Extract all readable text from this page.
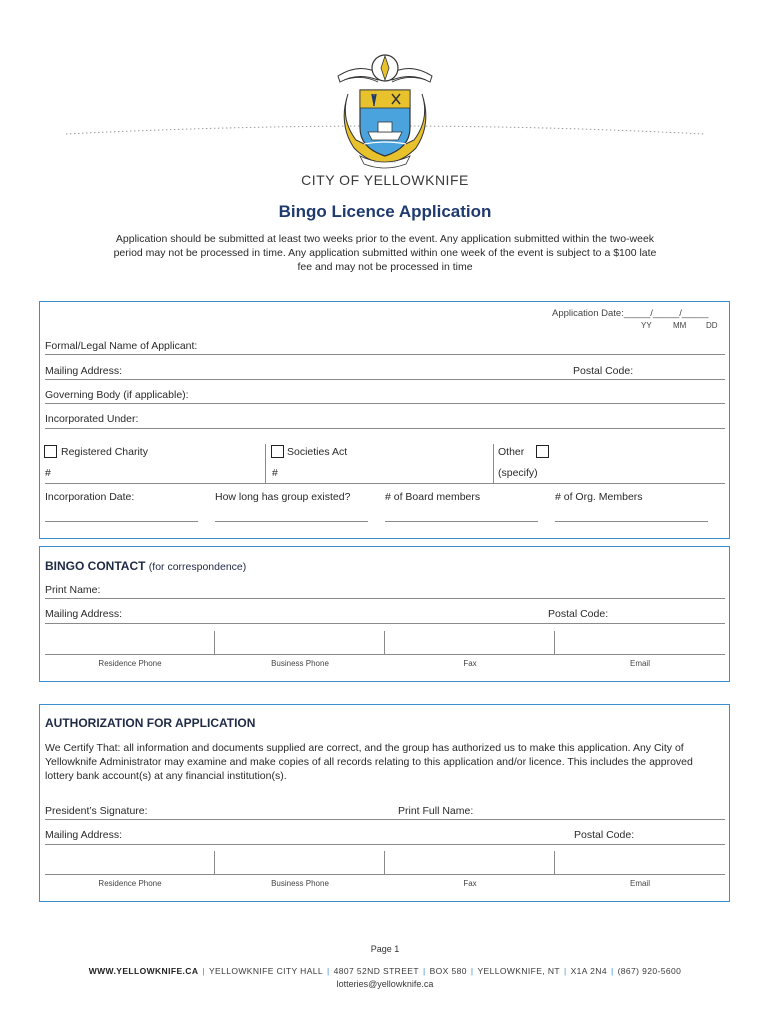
CITY OF YELLOWKNIFE
Bingo Licence Application
Application should be submitted at least two weeks prior to the event. Any application submitted within the two-week period may not be processed in time. Any application submitted within one week of the event is subject to a $100 late fee and may not be processed in time
Application Date:_____/_____/_____
YY	MM DD
Formal/Legal Name of Applicant:
Mailing Address:	Postal Code:
Governing Body (if applicable):
Incorporated Under:
Registered Charity	Societies Act	Other
#	#	(specify)
Incorporation Date:	How long has group existed?	# of Board members	# of Org. Members
BINGO CONTACT (for correspondence)
Print Name:
Mailing Address:	Postal Code:
Residence Phone	Business Phone	Fax	Email
AUTHORIZATION FOR APPLICATION
We Certify That: all information and documents supplied are correct, and the group has authorized us to make this application. Any City of Yellowknife Administrator may examine and make copies of all records relating to this application and/or licence. This includes the approved lottery bank account(s) at any financial institution(s).
President’s Signature:	Print Full Name:
Mailing Address:	Postal Code:
Residence Phone	Business Phone	Fax	Email
Page 1
WWW.YELLOWKNIFE.CA | YELLOWKNIFE CITY HALL | 4807 52ND STREET | BOX 580 | YELLOWKNIFE, NT | X1A 2N4 | (867) 920-5600
lotteries@yellowknife.ca
